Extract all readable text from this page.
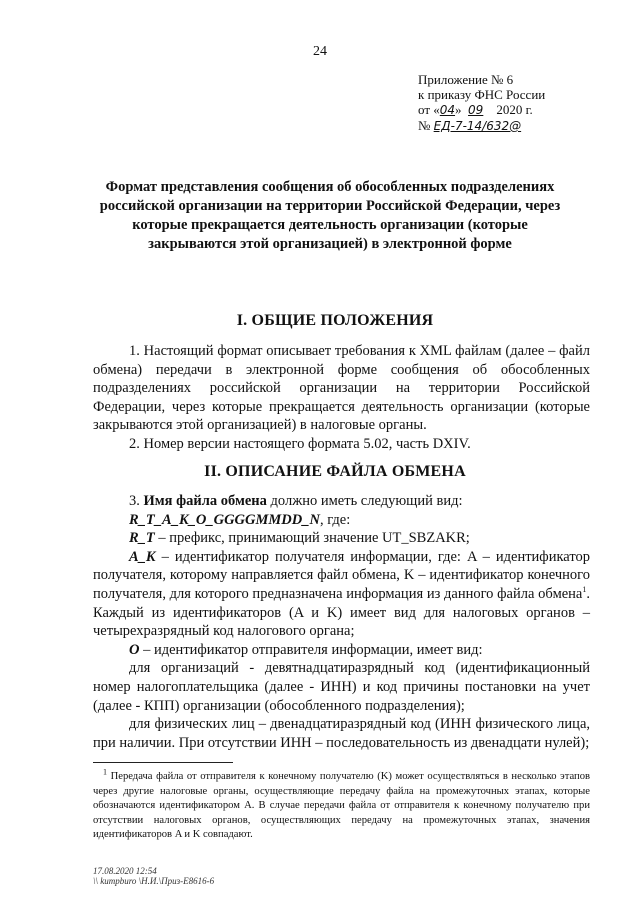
24
Приложение № 6
к приказу ФНС России
от «04» 09 2020 г.
№ ЕД-7-14/632@
Формат представления сообщения об обособленных подразделениях российской организации на территории Российской Федерации, через которые прекращается деятельность организации (которые закрываются этой организацией) в электронной форме
I. ОБЩИЕ ПОЛОЖЕНИЯ

1. Настоящий формат описывает требования к XML файлам (далее – файл обмена) передачи в электронной форме сообщения об обособленных подразделениях российской организации на территории Российской Федерации, через которые прекращается деятельность организации (которые закрываются этой организацией) в налоговые органы.

2. Номер версии настоящего формата 5.02, часть DXIV.

II. ОПИСАНИЕ ФАЙЛА ОБМЕНА

3. Имя файла обмена должно иметь следующий вид:

R_T_A_K_O_GGGGMMDD_N, где:

R_T – префикс, принимающий значение UT_SBZAKR;

A_K – идентификатор получателя информации, где: A – идентификатор получателя, которому направляется файл обмена, K – идентификатор конечного получателя, для которого предназначена информация из данного файла обмена$^1$. Каждый из идентификаторов (A и K) имеет вид для налоговых органов – четырехразрядный код налогового органа;

O – идентификатор отправителя информации, имеет вид:

для организаций - девятнадцатиразрядный код (идентификационный номер налогоплательщика (далее - ИНН) и код причины постановки на учет (далее - КПП) организации (обособленного подразделения);

для физических лиц – двенадцатиразрядный код (ИНН физического лица, при наличии. При отсутствии ИНН – последовательность из двенадцати нулей);

$^1$ Передача файла от отправителя к конечному получателю (K) может осуществляться в несколько этапов через другие налоговые органы, осуществляющие передачу файла на промежуточных этапах, которые обозначаются идентификатором A. В случае передачи файла от отправителя к конечному получателю при отсутствии налоговых органов, осуществляющих передачу на промежуточных этапах, значения идентификаторов A и K совпадают.

17.08.2020 12:54
\\ kumpburo \Н.И.\Приз-Е8616-6
